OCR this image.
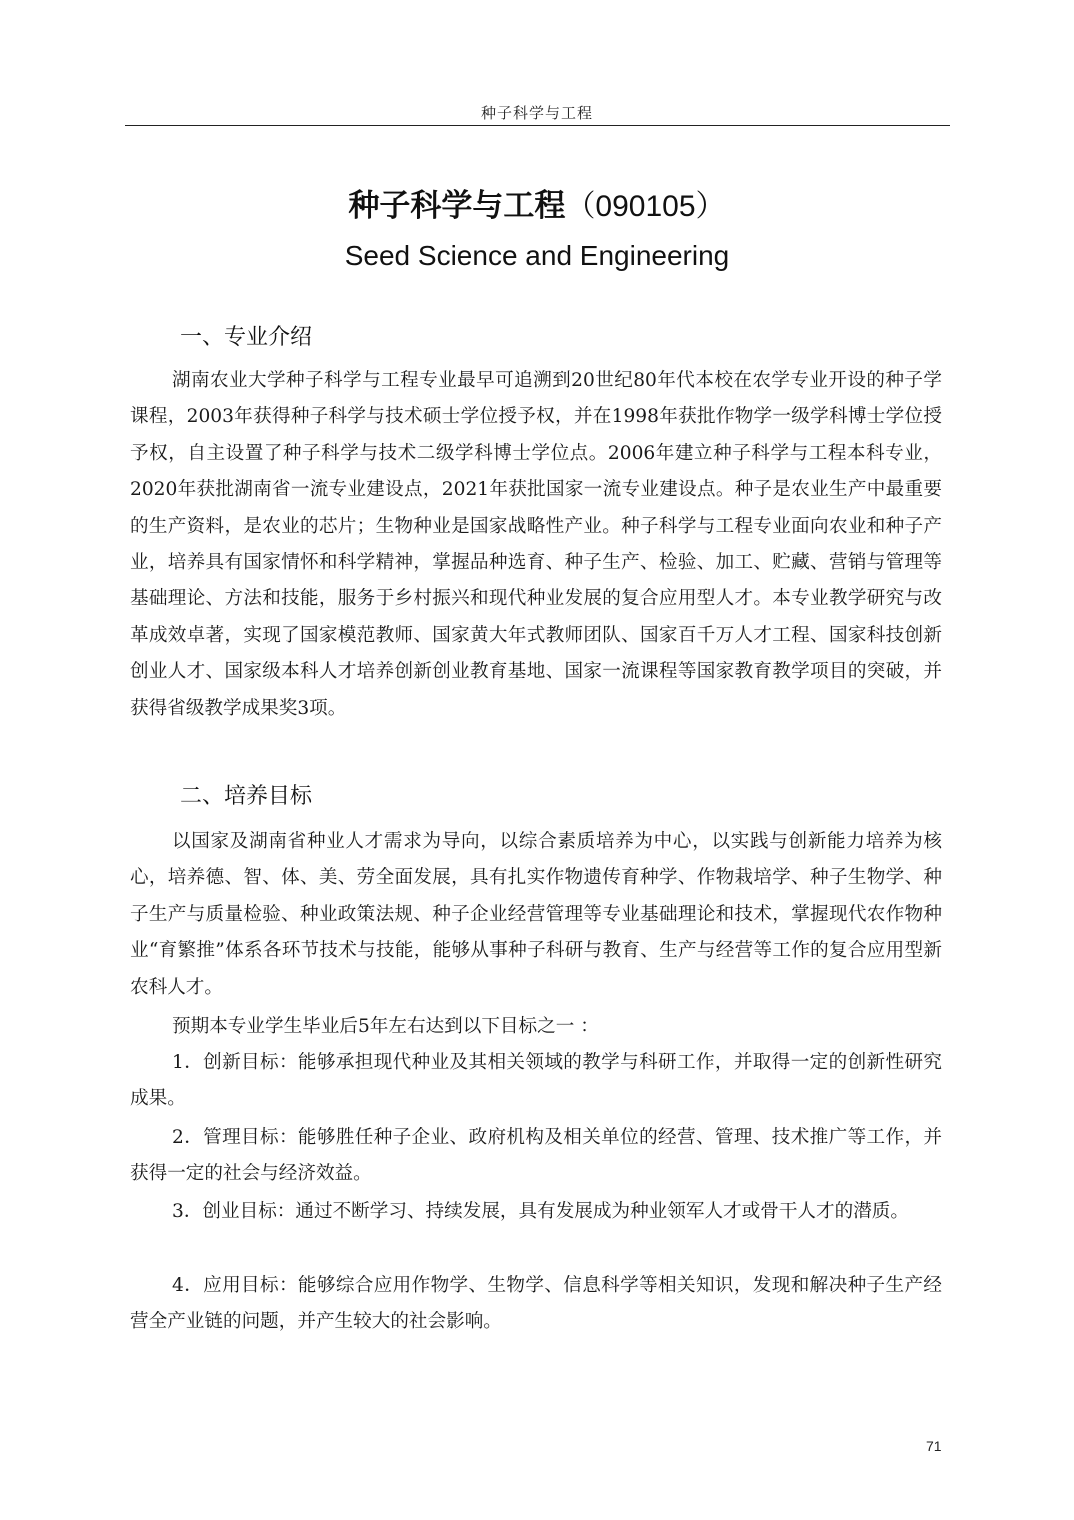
种子科学与工程
种子科学与工程（090105）
Seed Science and Engineering
一、专业介绍

湖南农业大学种子科学与工程专业最早可追溯到20世纪80年代本校在农学专业开设的种子学课程，2003年获得种子科学与技术硕士学位授予权，并在1998年获批作物学一级学科博士学位授予权，自主设置了种子科学与技术二级学科博士学位点。2006年建立种子科学与工程本科专业，2020年获批湖南省一流专业建设点，2021年获批国家一流专业建设点。种子是农业生产中最重要的生产资料，是农业的芯片；生物种业是国家战略性产业。种子科学与工程专业面向农业和种子产业，培养具有国家情怀和科学精神，掌握品种选育、种子生产、检验、加工、贮藏、营销与管理等基础理论、方法和技能，服务于乡村振兴和现代种业发展的复合应用型人才。本专业教学研究与改革成效卓著，实现了国家模范教师、国家黄大年式教师团队、国家百千万人才工程、国家科技创新创业人才、国家级本科人才培养创新创业教育基地、国家一流课程等国家教育教学项目的突破，并获得省级教学成果奖3项。

二、培养目标

以国家及湖南省种业人才需求为导向，以综合素质培养为中心，以实践与创新能力培养为核心，培养德、智、体、美、劳全面发展，具有扎实作物遗传育种学、作物栽培学、种子生物学、种子生产与质量检验、种业政策法规、种子企业经营管理等专业基础理论和技术，掌握现代农作物种业“育繁推”体系各环节技术与技能，能够从事种子科研与教育、生产与经营等工作的复合应用型新农科人才。

预期本专业学生毕业后5年左右达到以下目标之一 ：

1．创新目标：能够承担现代种业及其相关领域的教学与科研工作，并取得一定的创新性研究成果。

2．管理目标：能够胜任种子企业、政府机构及相关单位的经营、管理、技术推广等工作，并获得一定的社会与经济效益。

3．创业目标：通过不断学习、持续发展，具有发展成为种业领军人才或骨干人才的潜质。

4．应用目标：能够综合应用作物学、生物学、信息科学等相关知识，发现和解决种子生产经营全产业链的问题，并产生较大的社会影响。

71
